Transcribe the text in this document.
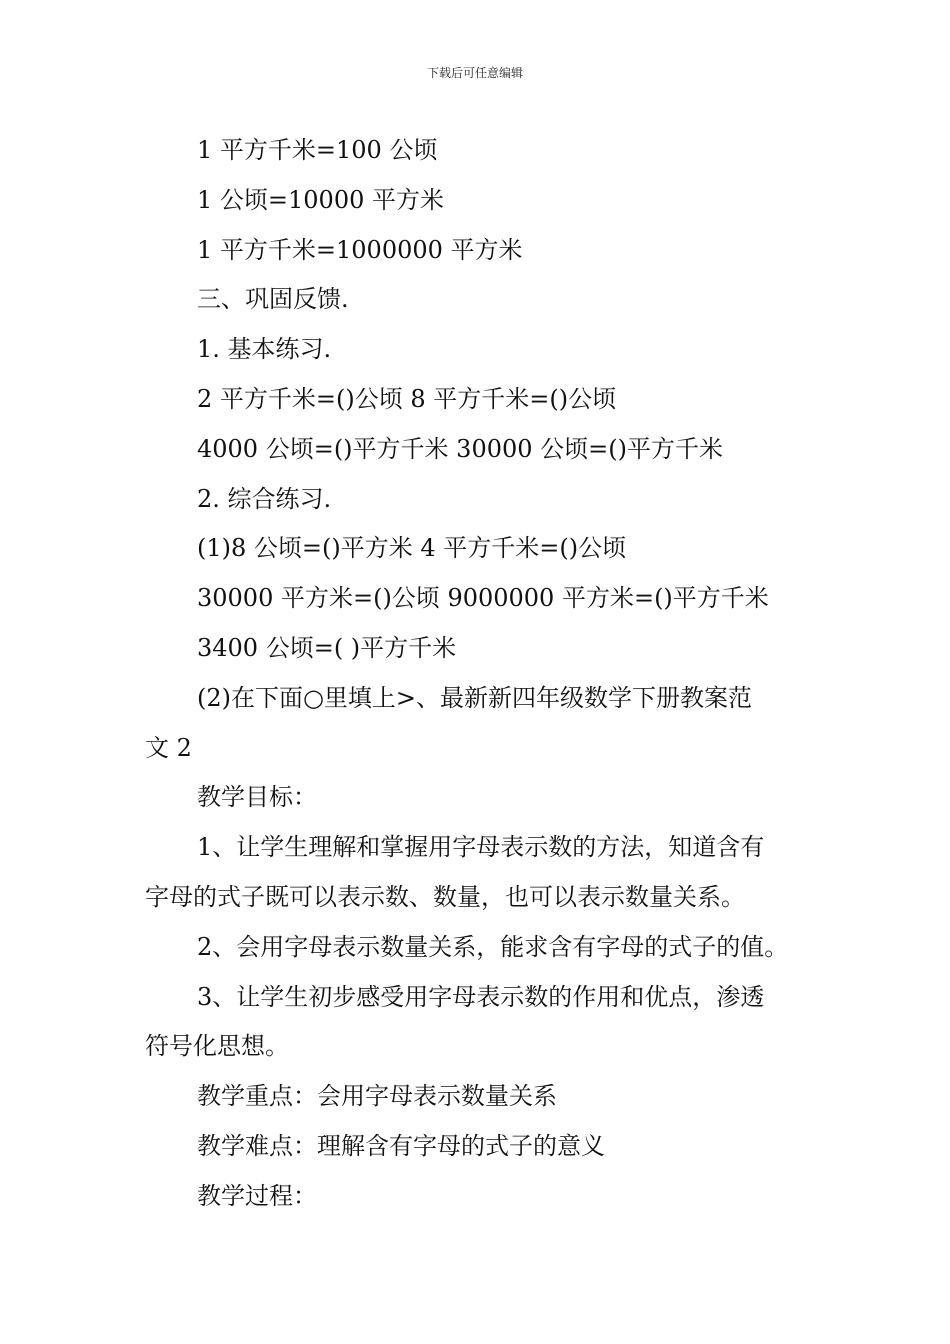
下载后可任意编辑
1 平方千米=100 公顷
1 公顷=10000 平方米
1 平方千米=1000000 平方米
三、巩固反馈.
1. 基本练习.
2 平方千米=()公顷 8 平方千米=()公顷
4000 公顷=()平方千米 30000 公顷=()平方千米
2. 综合练习.
(1)8 公顷=()平方米 4 平方千米=()公顷
30000 平方米=()公顷 9000000 平方米=()平方千米
3400 公顷=( )平方千米
(2)在下面○里填上>、最新新四年级数学下册教案范
文 2
教学目标：
1、让学生理解和掌握用字母表示数的方法，知道含有
字母的式子既可以表示数、数量，也可以表示数量关系。
2、会用字母表示数量关系，能求含有字母的式子的值。
3、让学生初步感受用字母表示数的作用和优点，渗透
符号化思想。
教学重点：会用字母表示数量关系
教学难点：理解含有字母的式子的意义
教学过程：
